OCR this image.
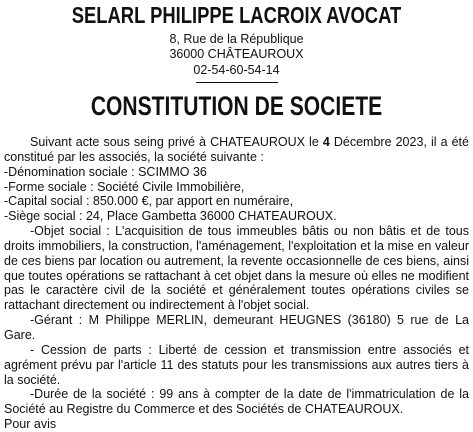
SELARL PHILIPPE LACROIX AVOCAT
8, Rue de la République
36000 CHÂTEAUROUX
02-54-60-54-14
CONSTITUTION DE SOCIETE

Suivant acte sous seing privé à CHATEAUROUX le 4 Décembre 2023, il a été constitué par les associés, la société suivante :

-Dénomination sociale : SCIMMO 36

-Forme sociale : Société Civile Immobilière,

-Capital social : 850.000 €, par apport en numéraire,

-Siège social : 24, Place Gambetta 36000 CHATEAUROUX.

-Objet social : L'acquisition de tous immeubles bâtis ou non bâtis et de tous droits immobiliers, la construction, l'aménagement, l'exploitation et la mise en valeur de ces biens par location ou autrement, la revente occasionnelle de ces biens, ainsi que toutes opérations se rattachant à cet objet dans la mesure où elles ne modifient pas le caractère civil de la société et généralement toutes opérations civiles se rattachant directement ou indirectement à l'objet social.

-Gérant : M Philippe MERLIN, demeurant HEUGNES (36180) 5 rue de La Gare.

- Cession de parts : Liberté de cession et transmission entre associés et agrément prévu par l'article 11 des statuts pour les transmissions aux autres tiers à la société.

-Durée de la société : 99 ans à compter de la date de l'immatriculation de la Société au Registre du Commerce et des Sociétés de CHATEAUROUX.

Pour avis
